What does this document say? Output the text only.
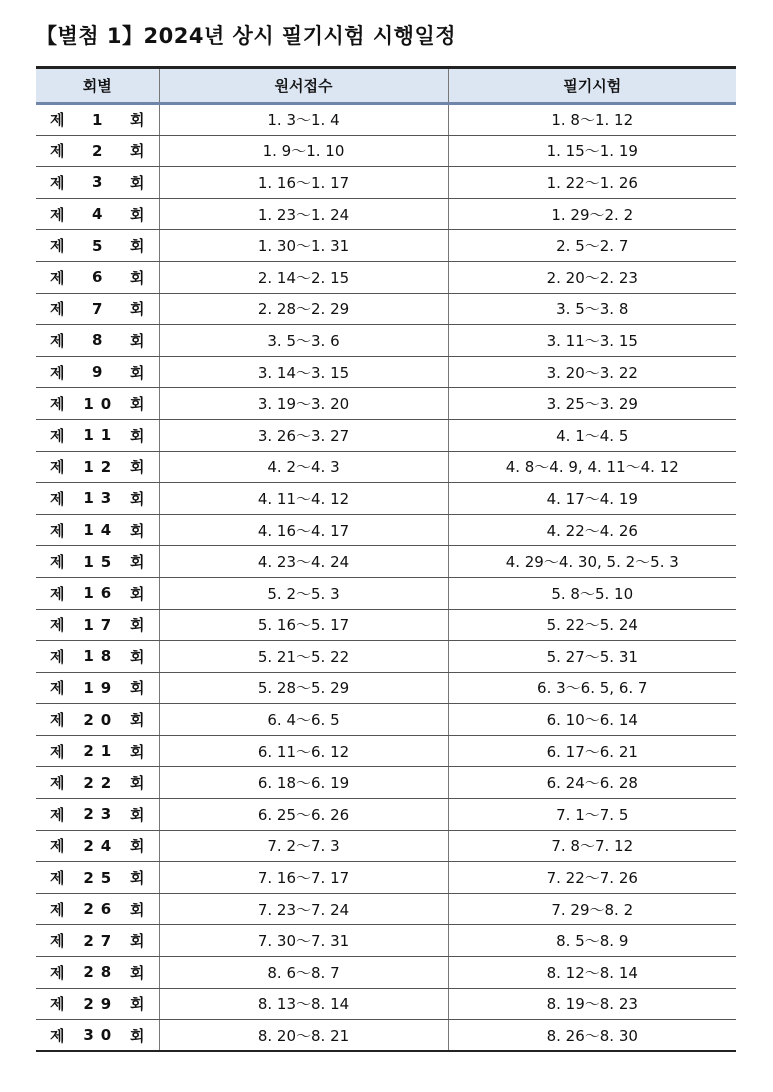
【별첨 1】2024년 상시 필기시험 시행일정
회별	원서접수	필기시험

제 1 회	1. 3～1. 4	1. 8～1. 12

제 2 회	1. 9～1. 10	1. 15～1. 19

제 3 회	1. 16～1. 17	1. 22～1. 26

제 4 회	1. 23～1. 24	1. 29～2. 2

제 5 회	1. 30～1. 31	2. 5～2. 7

제 6 회	2. 14～2. 15	2. 20～2. 23

제 7 회	2. 28～2. 29	3. 5～3. 8

제 8 회	3. 5～3. 6	3. 11～3. 15

제 9 회	3. 14～3. 15	3. 20～3. 22

제 1 0 회	3. 19～3. 20	3. 25～3. 29

제 1 1 회	3. 26～3. 27	4. 1～4. 5

제 1 2 회	4. 2～4. 3	4. 8～4. 9, 4. 11～4. 12

제 1 3 회	4. 11～4. 12	4. 17～4. 19

제 1 4 회	4. 16～4. 17	4. 22～4. 26

제 1 5 회	4. 23～4. 24	4. 29～4. 30, 5. 2～5. 3

제 1 6 회	5. 2～5. 3	5. 8～5. 10

제 1 7 회	5. 16～5. 17	5. 22～5. 24

제 1 8 회	5. 21～5. 22	5. 27～5. 31

제 1 9 회	5. 28～5. 29	6. 3～6. 5, 6. 7

제 2 0 회	6. 4～6. 5	6. 10～6. 14

제 2 1 회	6. 11～6. 12	6. 17～6. 21

제 2 2 회	6. 18～6. 19	6. 24～6. 28

제 2 3 회	6. 25～6. 26	7. 1～7. 5

제 2 4 회	7. 2～7. 3	7. 8～7. 12

제 2 5 회	7. 16～7. 17	7. 22～7. 26

제 2 6 회	7. 23～7. 24	7. 29～8. 2

제 2 7 회	7. 30～7. 31	8. 5～8. 9

제 2 8 회	8. 6～8. 7	8. 12～8. 14

제 2 9 회	8. 13～8. 14	8. 19～8. 23

제 3 0 회	8. 20～8. 21	8. 26～8. 30
